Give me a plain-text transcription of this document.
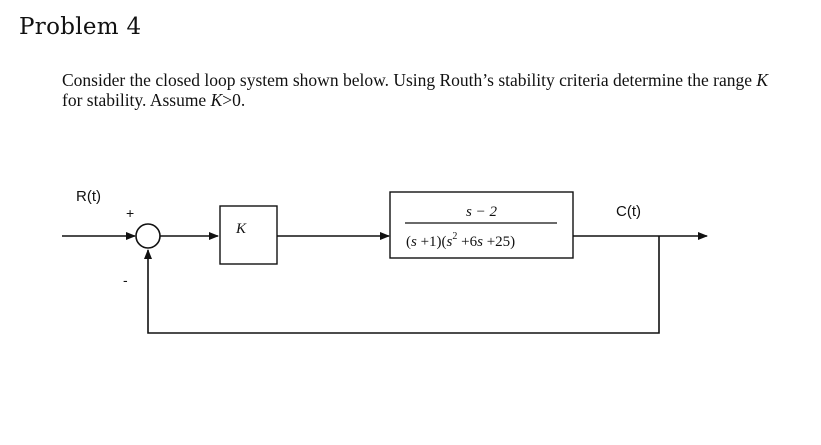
Problem 4

Consider the closed loop system shown below. Using Routh’s stability criteria determine the range K for stability. Assume K>0.

R(t)
+
-
K
s − 2
$(s +1)(s^2 +6s +25)$
C(t)
